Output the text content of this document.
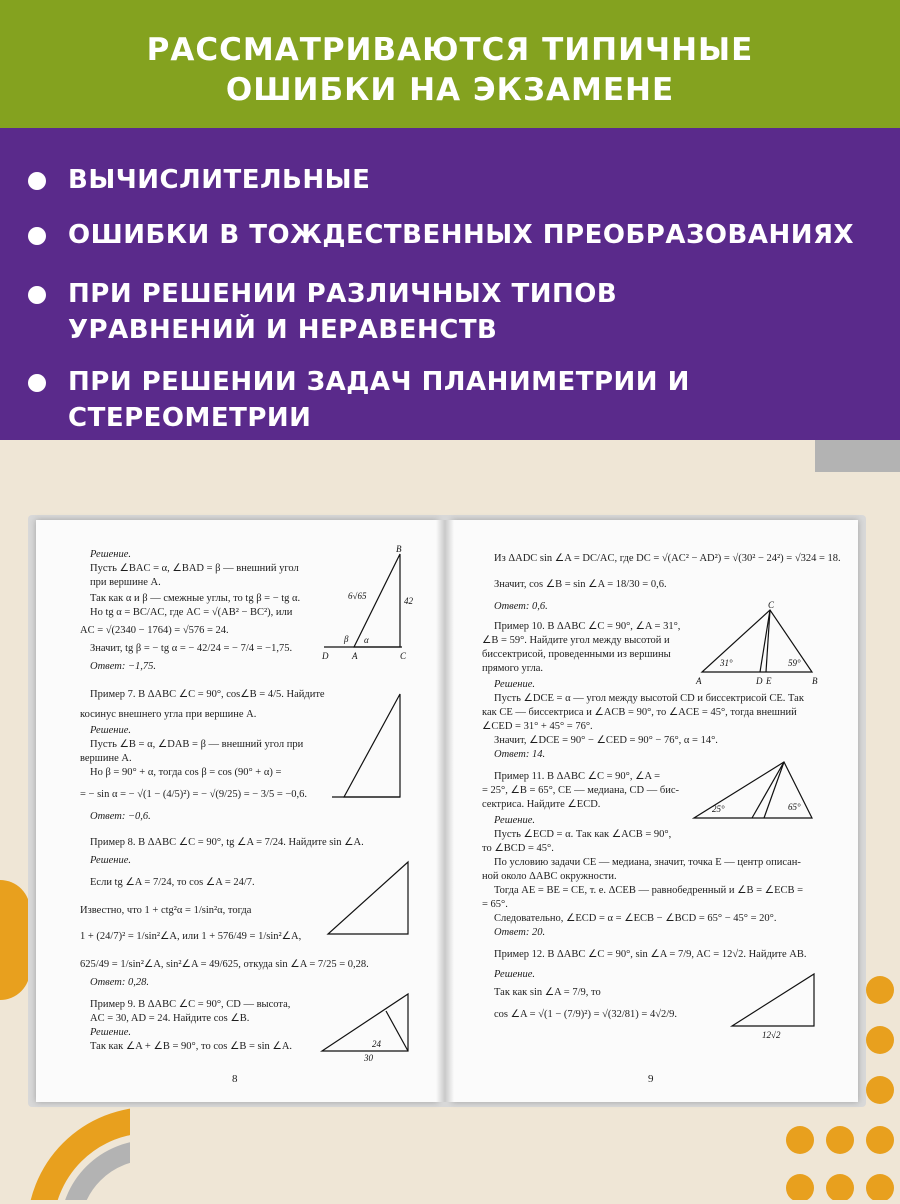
РАССМАТРИВАЮТСЯ ТИПИЧНЫЕ
ОШИБКИ НА ЭКЗАМЕНЕ
ВЫЧИСЛИТЕЛЬНЫЕ
ОШИБКИ В ТОЖДЕСТВЕННЫХ ПРЕОБРАЗОВАНИЯХ
ПРИ РЕШЕНИИ РАЗЛИЧНЫХ ТИПОВ
УРАВНЕНИЙ И НЕРАВЕНСТВ
ПРИ РЕШЕНИИ ЗАДАЧ ПЛАНИМЕТРИИ И СТЕРЕОМЕТРИИ
Решение.
Пусть ∠BAC = α, ∠BAD = β — внешний угол
при вершине A.
Так как α и β — смежные углы, то tg β = − tg α.
Но tg α = BC/AC, где AC = √(AB² − BC²), или
AC = √(2340 − 1764) = √576 = 24.
Значит, tg β = − tg α = − 42/24 = − 7/4 = −1,75.
Ответ: −1,75.
Пример 7. В ΔABC ∠C = 90°, cos∠B = 4/5. Найдите
косинус внешнего угла при вершине A.
Решение.
Пусть ∠B = α, ∠DAB = β — внешний угол при
вершине A.
Но β = 90° + α, тогда cos β = cos (90° + α) =
= − sin α = − √(1 − (4/5)²) = − √(9/25) = − 3/5 = −0,6.
Ответ: −0,6.
Пример 8. В ΔABC ∠C = 90°, tg ∠A = 7/24. Найдите sin ∠A.
Решение.
Если tg ∠A = 7/24, то cos ∠A = 24/7.
Известно, что 1 + ctg²α = 1/sin²α, тогда
1 + (24/7)² = 1/sin²∠A, или 1 + 576/49 = 1/sin²∠A,
625/49 = 1/sin²∠A, sin²∠A = 49/625, откуда sin ∠A = 7/25 = 0,28.
Ответ: 0,28.
Пример 9. В ΔABC ∠C = 90°, CD — высота,
AC = 30, AD = 24. Найдите cos ∠B.
Решение.
Так как ∠A + ∠B = 90°, то cos ∠B = sin ∠A.
8
B
6√65	42
D	A	C
β α
24
30
Из ΔADC sin ∠A = DC/AC, где DC = √(AC² − AD²) = √(30² − 24²) = √324 = 18.
Значит, cos ∠B = sin ∠A = 18/30 = 0,6.
Ответ: 0,6.
Пример 10. В ΔABC ∠C = 90°, ∠A = 31°,
∠B = 59°. Найдите угол между высотой и
биссектрисой, проведенными из вершины
прямого угла.
Решение.
Пусть ∠DCE = α — угол между высотой CD и биссектрисой CE. Так
как CE — биссектриса и ∠ACB = 90°, то ∠ACE = 45°, тогда внешний
∠CED = 31° + 45° = 76°.
Значит, ∠DCE = 90° − ∠CED = 90° − 76°, α = 14°.
Ответ: 14.
Пример 11. В ΔABC ∠C = 90°, ∠A =
= 25°, ∠B = 65°, CE — медиана, CD — бис-
сектриса. Найдите ∠ECD.
Решение.
Пусть ∠ECD = α. Так как ∠ACB = 90°,
то ∠BCD = 45°.
По условию задачи CE — медиана, значит, точка E — центр описан-
ной около ΔABC окружности.
Тогда AE = BE = CE, т. е. ΔCEB — равнобедренный и ∠B = ∠ECB =
= 65°.
Следовательно, ∠ECD = α = ∠ECB − ∠BCD = 65° − 45° = 20°.
Ответ: 20.
Пример 12. В ΔABC ∠C = 90°, sin ∠A = 7/9, AC = 12√2. Найдите AB.
Решение.
Так как sin ∠A = 7/9, то
cos ∠A = √(1 − (7/9)²) = √(32/81) = 4√2/9.
9
C
31°	59°
A	D E	B
25°	65°
12√2
